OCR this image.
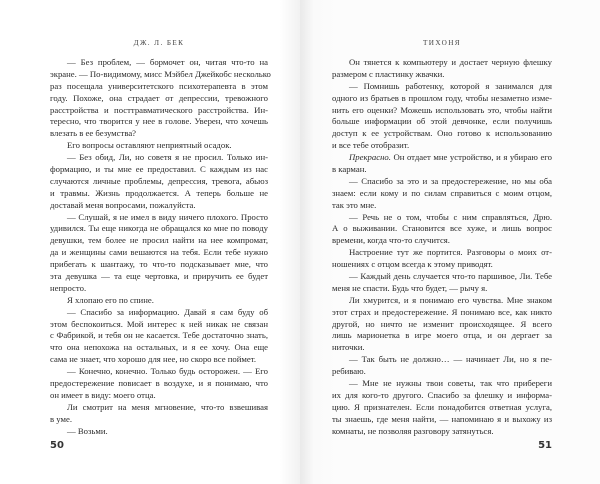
ДЖ. Л. БЕК
— Без проблем, — бормочет он, читая что-то на
экране. — По-видимому, мисс Мэйбел Джейкобс несколько
раз посещала университетского психотерапевта в этом
году. Похоже, она страдает от депрессии, тревожного
расстройства и посттравматического расстройства. Ин-
тересно, что творится у нее в голове. Уверен, что хочешь
влезать в ее безумства?
Его вопросы оставляют неприятный осадок.
— Без обид, Ли, но советя я не просил. Только ин-
формацию, и ты мне ее предоставил. С каждым из нас
случаются личные проблемы, депрессия, тревога, абьюз
и травмы. Жизнь продолжается. А теперь больше не
доставай меня вопросами, пожалуйста.
— Слушай, я не имел в виду ничего плохого. Просто
удивился. Ты еще никогда не обращался ко мне по поводу
девушки, тем более не просил найти на нее компромат,
да и женщины сами вешаются на тебя. Если тебе нужно
прибегать к шантажу, то что-то подсказывает мне, что
эта девушка — та еще чертовка, и приручить ее будет
непросто.
Я хлопаю его по спине.
— Спасибо за информацию. Давай я сам буду об
этом беспокоиться. Мой интерес к ней никак не связан
с Фабрикой, и тебя он не касается. Тебе достаточно знать,
что она непохожа на остальных, и я ее хочу. Она еще
сама не знает, что хорошо для нее, но скоро все поймет.
— Конечно, конечно. Только будь осторожен. — Его
предостережение повисает в воздухе, и я понимаю, что
он имеет в виду: моего отца.
Ли смотрит на меня мгновение, что-то взвешивая
в уме.
— Возьми.
50
ТИХОНЯ
Он тянется к компьютеру и достает черную флешку
размером с пластинку жвачки.
— Помнишь работенку, которой я занимался для
одного из братьев в прошлом году, чтобы незаметно изме-
нить его оценки? Можешь использовать это, чтобы найти
больше информации об этой девчонке, если получишь
доступ к ее устройствам. Оно готово к использованию
и все тебе отобразит.
Прекрасно. Он отдает мне устройство, и я убираю его
в карман.
— Спасибо за это и за предостережение, но мы оба
знаем: если кому и по силам справиться с моим отцом,
так это мне.
— Речь не о том, чтобы с ним справляться, Дрю.
А о выживании. Становится все хуже, и лишь вопрос
времени, когда что-то случится.
Настроение тут же портится. Разговоры о моих от-
ношениях с отцом всегда к этому приводят.
— Каждый день случается что-то паршивое, Ли. Тебе
меня не спасти. Будь что будет, — рычу я.
Ли хмурится, и я понимаю его чувства. Мне знаком
этот страх и предостережение. Я понимаю все, как никто
другой, но ничто не изменит происходящее. Я всего
лишь марионетка в игре моего отца, и он дергает за
ниточки.
— Так быть не должно… — начинает Ли, но я пе-
ребиваю.
— Мне не нужны твои советы, так что прибереги
их для кого-то другого. Спасибо за флешку и информа-
цию. Я признателен. Если понадобится ответная услуга,
ты знаешь, где меня найти, — напоминаю я и выхожу из
комнаты, не позволяя разговору затянуться.
51
